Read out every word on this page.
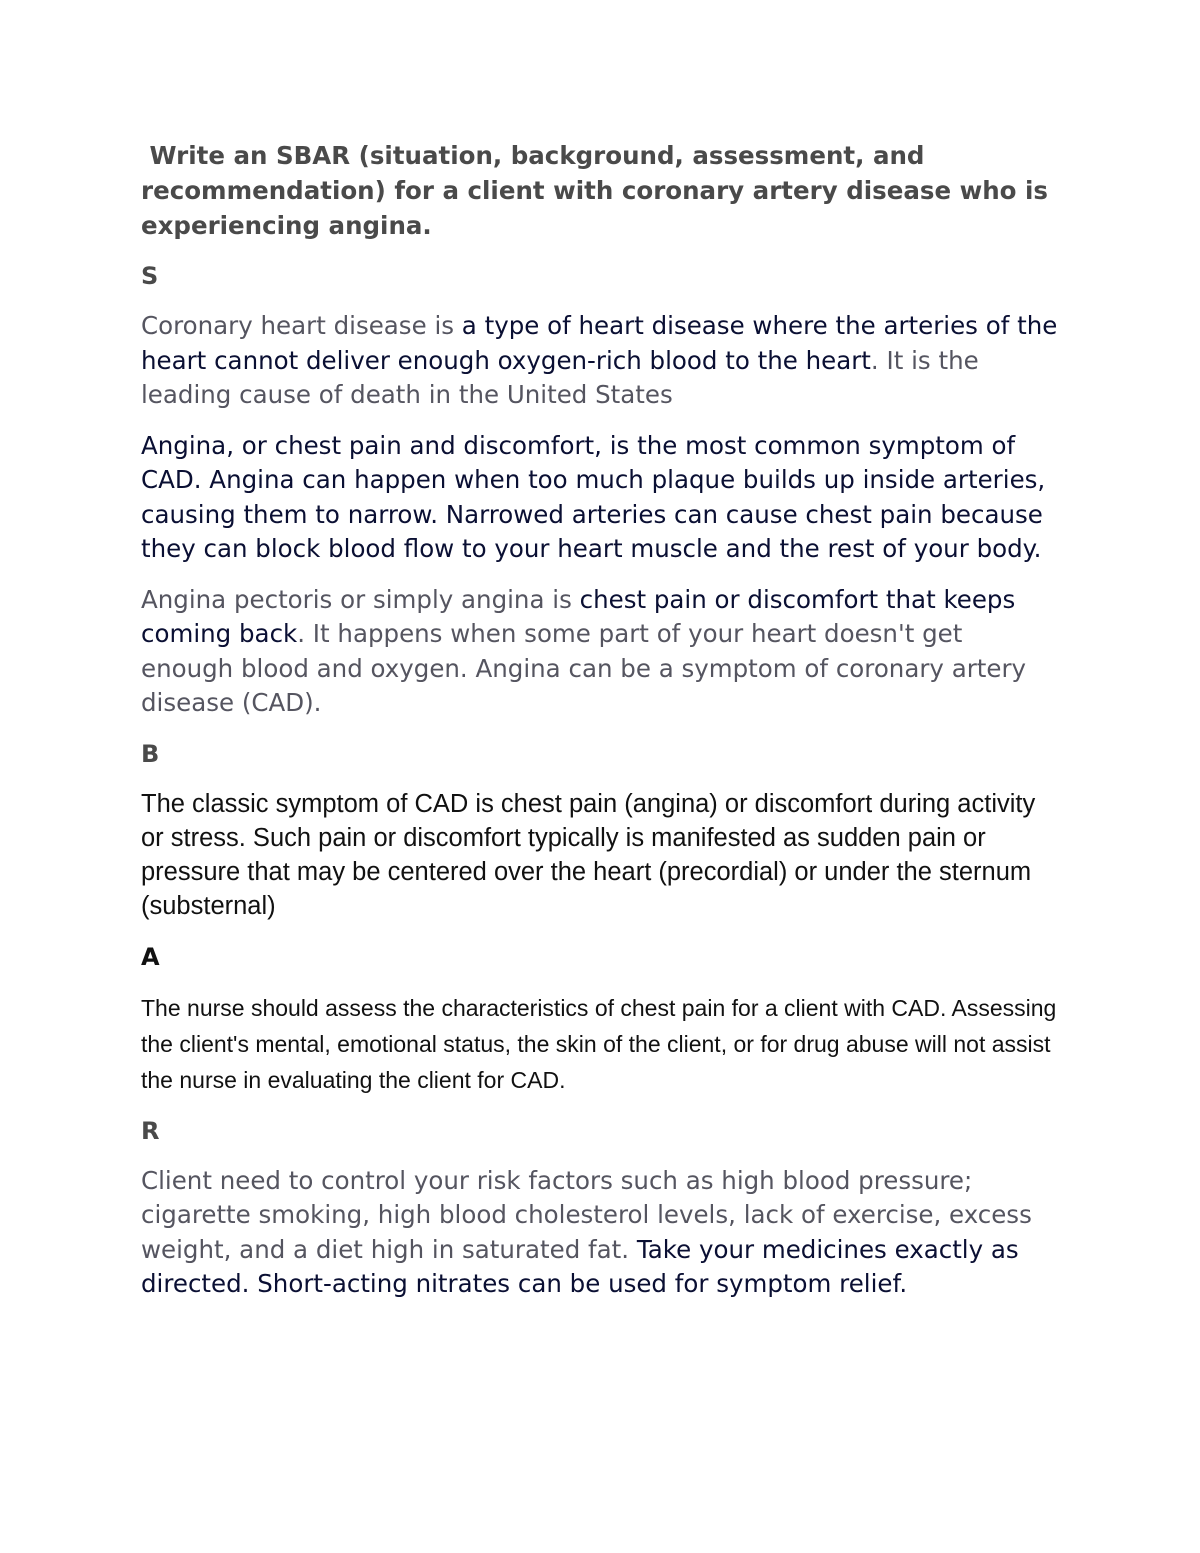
Write an SBAR (situation, background, assessment, and recommendation) for a client with coronary artery disease who is experiencing angina.

S

Coronary heart disease is a type of heart disease where the arteries of the heart cannot deliver enough oxygen-rich blood to the heart. It is the leading cause of death in the United States

Angina, or chest pain and discomfort, is the most common symptom of CAD. Angina can happen when too much plaque builds up inside arteries, causing them to narrow. Narrowed arteries can cause chest pain because they can block blood flow to your heart muscle and the rest of your body.

Angina pectoris or simply angina is chest pain or discomfort that keeps coming back. It happens when some part of your heart doesn't get enough blood and oxygen. Angina can be a symptom of coronary artery disease (CAD).

B

The classic symptom of CAD is chest pain (angina) or discomfort during activity or stress. Such pain or discomfort typically is manifested as sudden pain or pressure that may be centered over the heart (precordial) or under the sternum (substernal)

A

The nurse should assess the characteristics of chest pain for a client with CAD. Assessing the client's mental, emotional status, the skin of the client, or for drug abuse will not assist the nurse in evaluating the client for CAD.

R

Client need to control your risk factors such as high blood pressure; cigarette smoking, high blood cholesterol levels, lack of exercise, excess weight, and a diet high in saturated fat. Take your medicines exactly as directed. Short-acting nitrates can be used for symptom relief.
